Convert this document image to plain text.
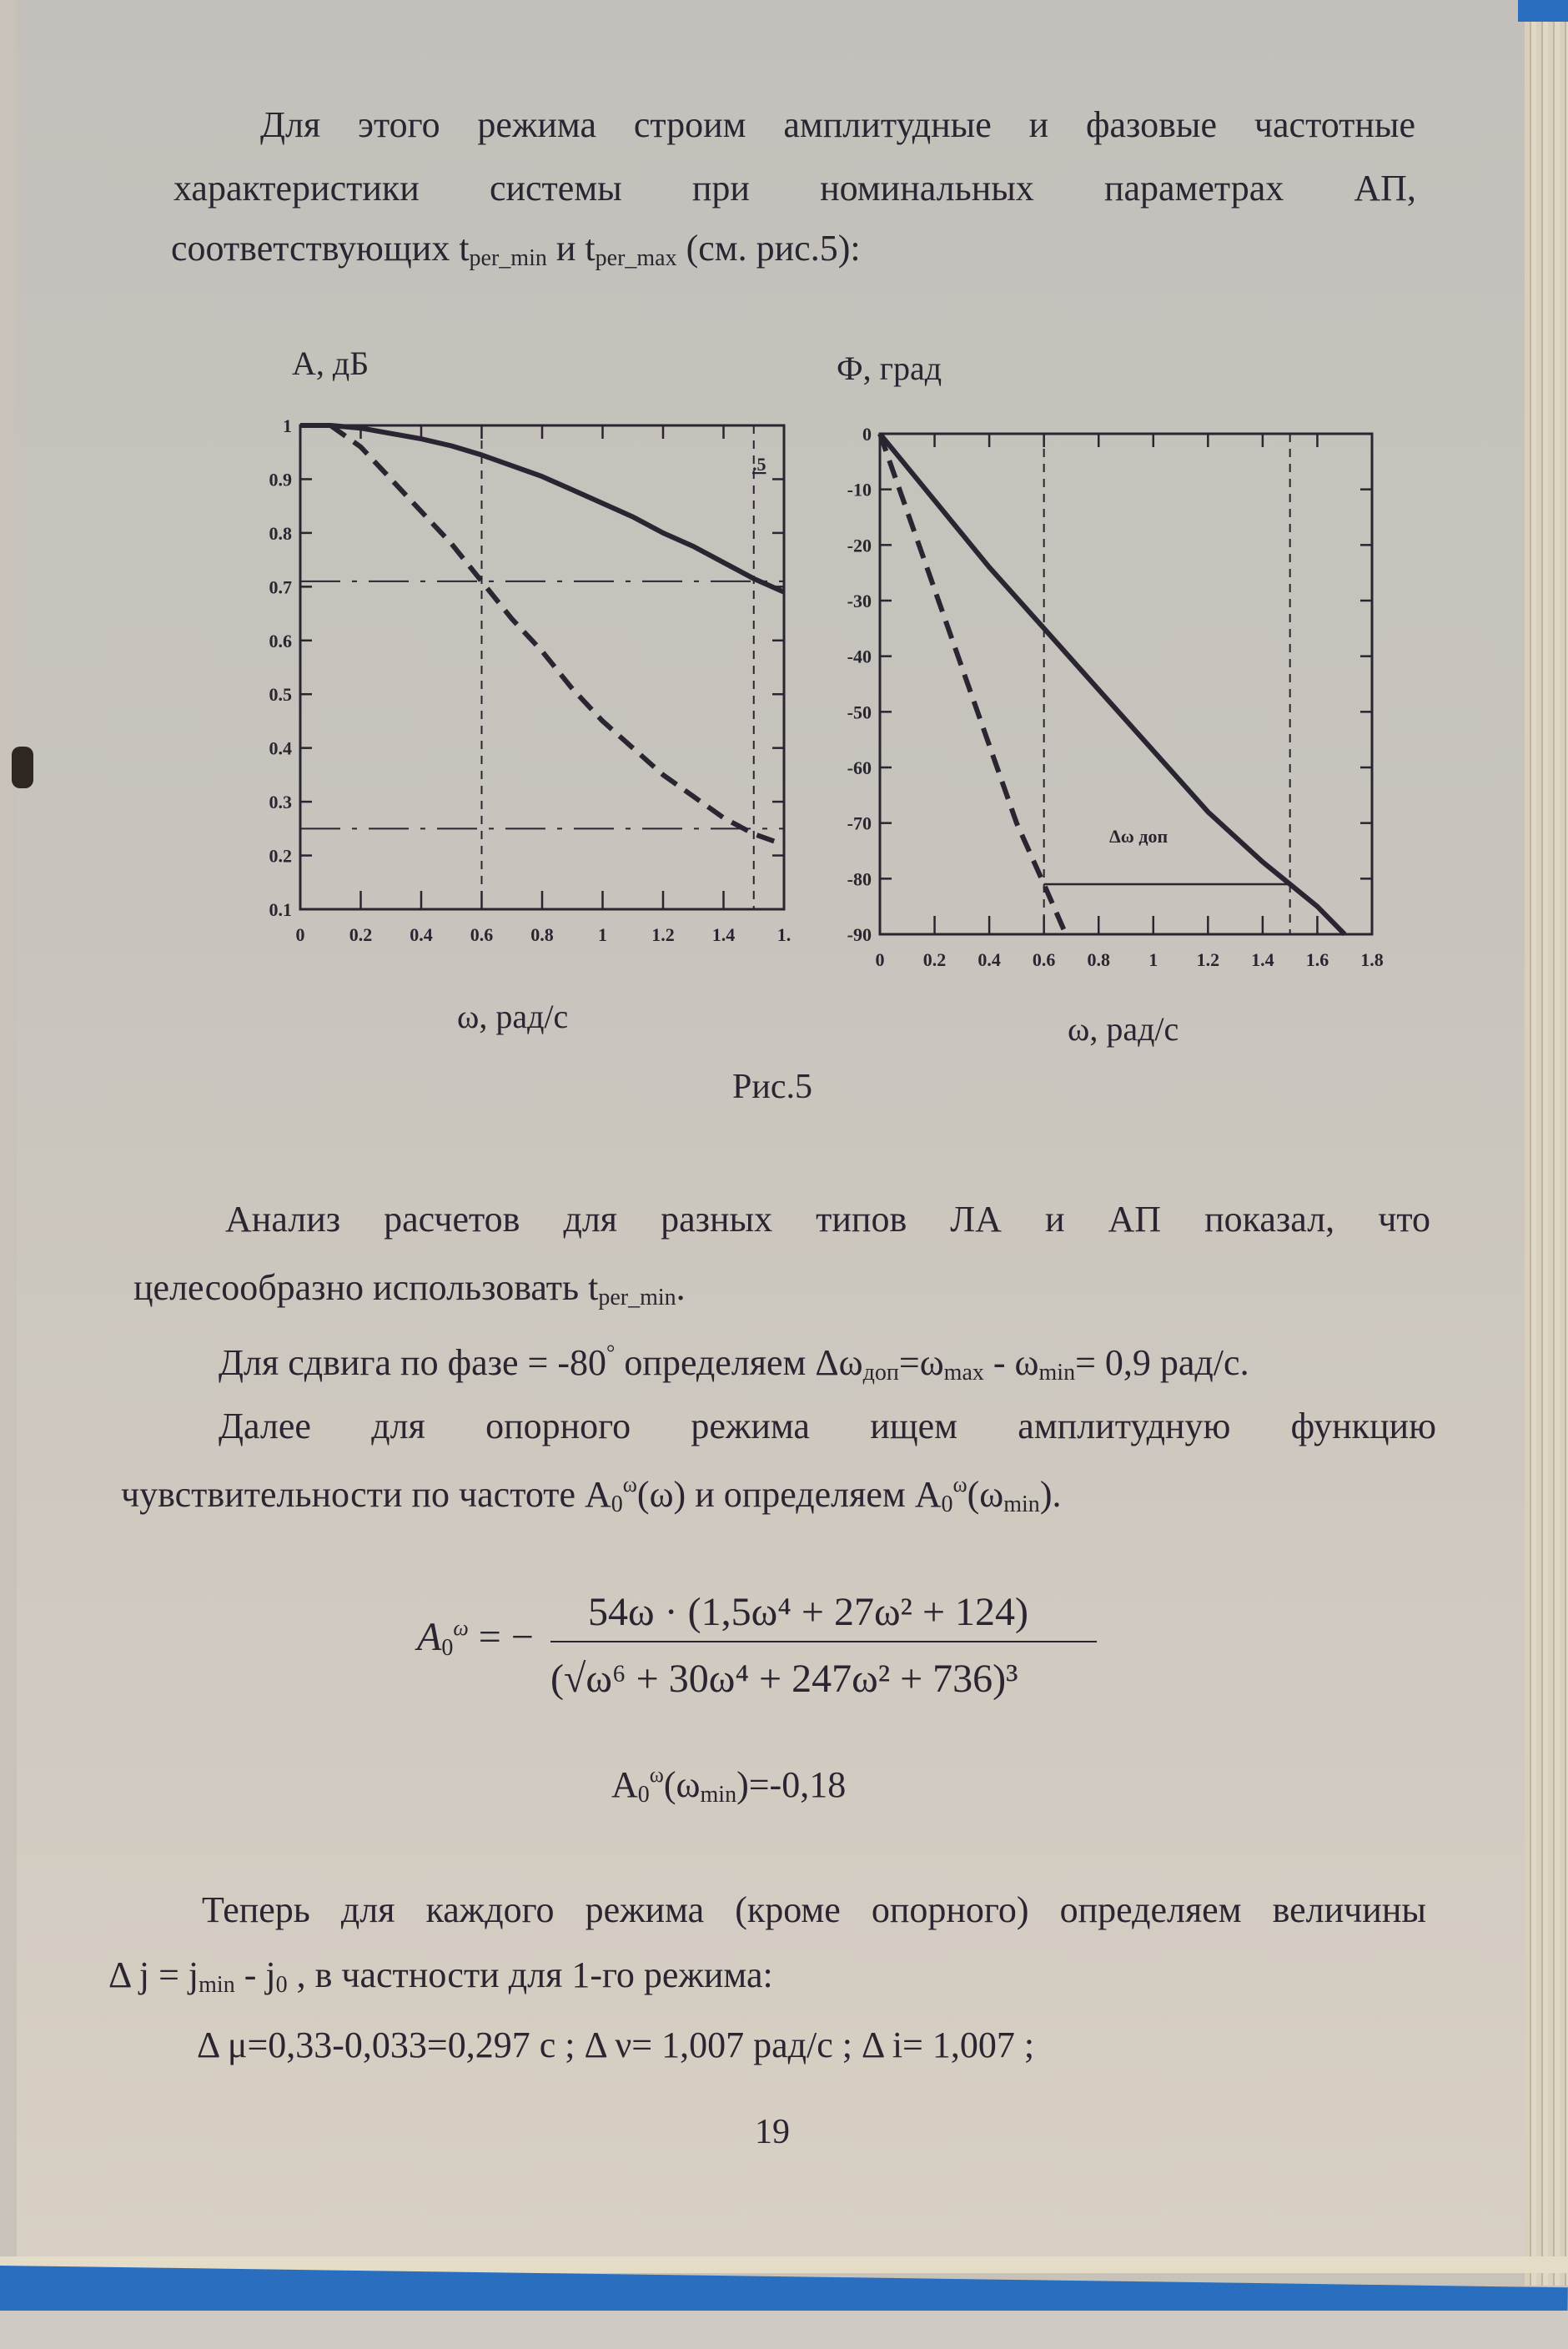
Для этого режима строим амплитудные и фазовые частотные
характеристики системы при номинальных параметрах АП,
соответствующих $t_{per\_min}$ и $t_{per\_max}$ (см. рис.5):
A, дБ	Ф, град
1
0.9
0.8
0.7
0.6
0.5
0.4
0.3
0.2
0.1
0 0.2 0.4 0.6 0.8 1 1.2 1.4 1.
.5
0
-10
-20
-30
-40
-50
-60
-70
-80
-90
0 0.2 0.4 0.6 0.8 1 1.2 1.4 1.6 1.8
Δω доп
ω, рад/с	ω, рад/с
Рис.5
Анализ расчетов для разных типов ЛА и АП показал, что
целесообразно использовать $t_{per\_min}$.
Для сдвига по фазе = -80° определяем $\Delta\omega_{доп}=\omega_{max} - \omega_{min}= 0,9$ рад/с.
Далее для опорного режима ищем амплитудную функцию
чувствительности по частоте $A_0^\omega(\omega)$ и определяем $A_0^\omega(\omega_{min})$.
$A_0^\omega$ = −
54ω · (1,5ω⁴ + 27ω² + 124)
(√ω⁶ + 30ω⁴ + 247ω² + 736)³
$A_0^\omega(\omega_{min})=-0,18$
Теперь для каждого режима (кроме опорного) определяем величины
Δ $j = j_{min} - j_0$ , в частности для 1-го режима:
Δ μ=0,33-0,033=0,297 с ; Δ ν= 1,007 рад/с ; Δ i= 1,007 ;
19
